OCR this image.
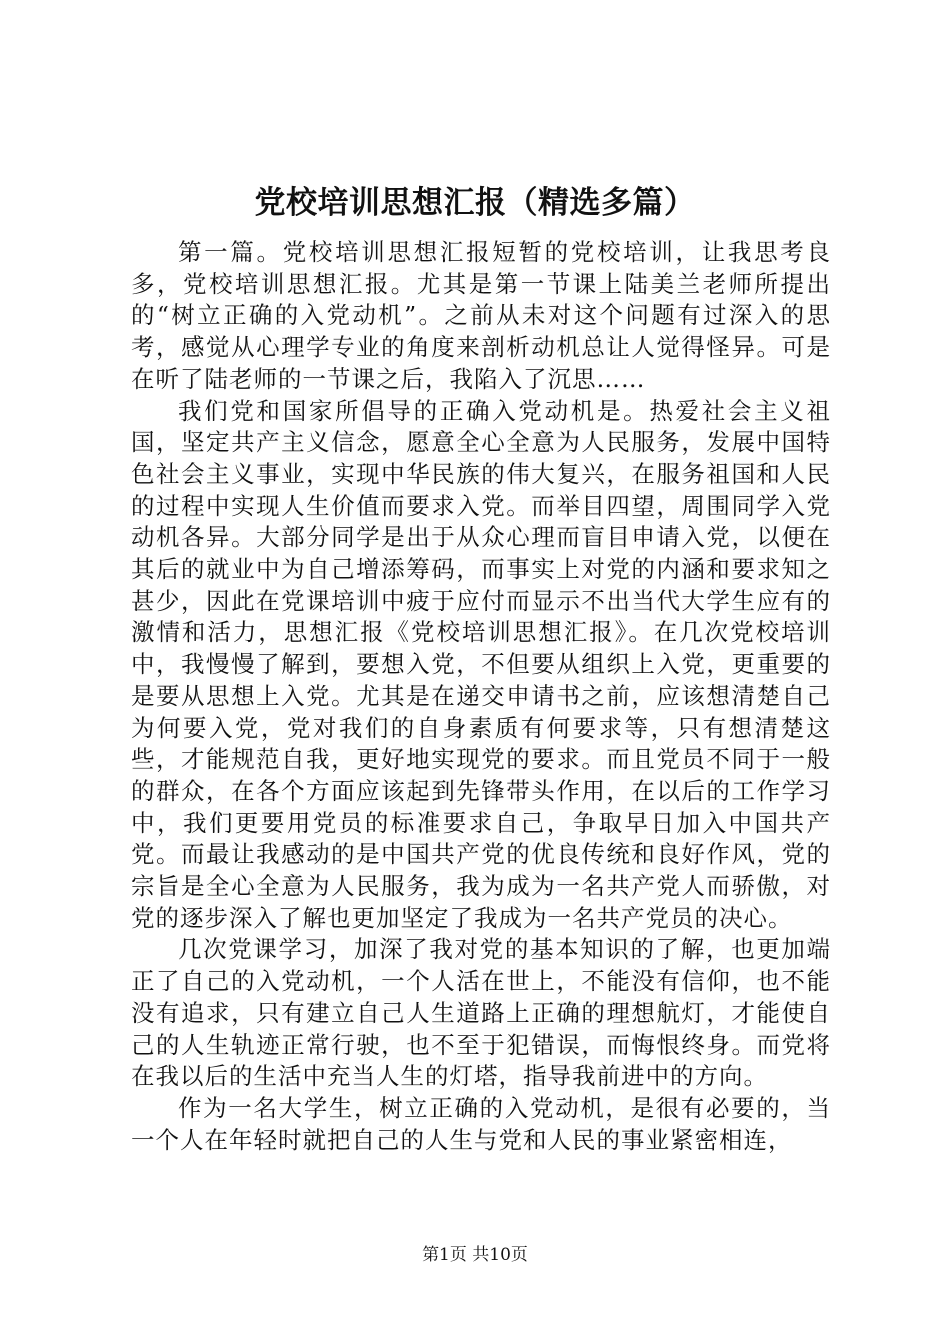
党校培训思想汇报（精选多篇）

第一篇。党校培训思想汇报短暂的党校培训，让我思考良多，党校培训思想汇报。尤其是第一节课上陆美兰老师所提出的“树立正确的入党动机”。之前从未对这个问题有过深入的思考，感觉从心理学专业的角度来剖析动机总让人觉得怪异。可是在听了陆老师的一节课之后，我陷入了沉思……

我们党和国家所倡导的正确入党动机是。热爱社会主义祖国，坚定共产主义信念，愿意全心全意为人民服务，发展中国特色社会主义事业，实现中华民族的伟大复兴，在服务祖国和人民的过程中实现人生价值而要求入党。而举目四望，周围同学入党动机各异。大部分同学是出于从众心理而盲目申请入党，以便在其后的就业中为自己增添筹码，而事实上对党的内涵和要求知之甚少，因此在党课培训中疲于应付而显示不出当代大学生应有的激情和活力，思想汇报《党校培训思想汇报》。在几次党校培训中，我慢慢了解到，要想入党，不但要从组织上入党，更重要的是要从思想上入党。尤其是在递交申请书之前，应该想清楚自己为何要入党，党对我们的自身素质有何要求等，只有想清楚这些，才能规范自我，更好地实现党的要求。而且党员不同于一般的群众，在各个方面应该起到先锋带头作用，在以后的工作学习中，我们更要用党员的标准要求自己，争取早日加入中国共产党。而最让我感动的是中国共产党的优良传统和良好作风，党的宗旨是全心全意为人民服务，我为成为一名共产党人而骄傲，对党的逐步深入了解也更加坚定了我成为一名共产党员的决心。

几次党课学习，加深了我对党的基本知识的了解，也更加端正了自己的入党动机，一个人活在世上，不能没有信仰，也不能没有追求，只有建立自己人生道路上正确的理想航灯，才能使自己的人生轨迹正常行驶，也不至于犯错误，而悔恨终身。而党将在我以后的生活中充当人生的灯塔，指导我前进中的方向。

作为一名大学生，树立正确的入党动机，是很有必要的，当一个人在年轻时就把自己的人生与党和人民的事业紧密相连，

第1页 共10页
